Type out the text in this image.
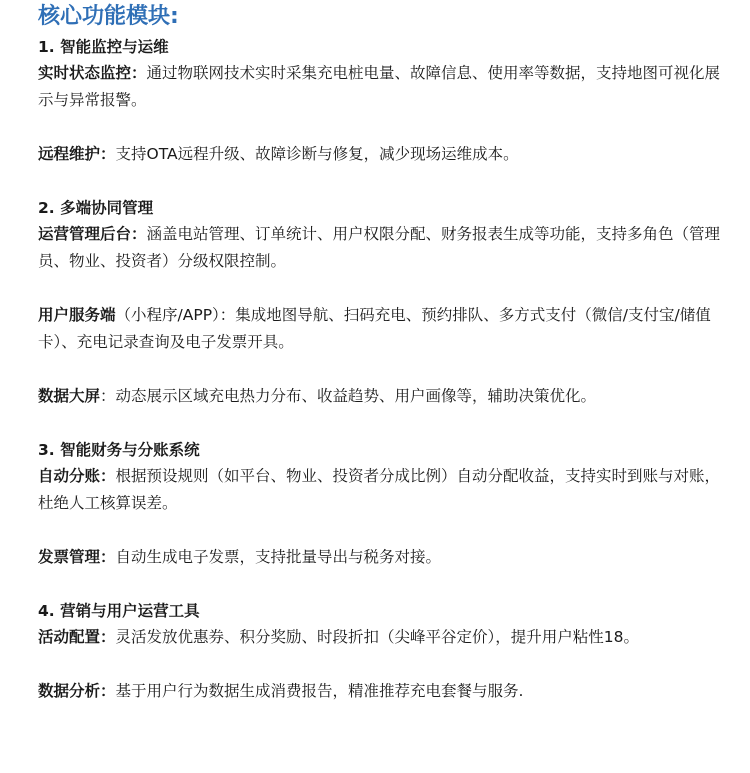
核心功能模块:
1. 智能监控与运维

实时状态监控：通过物联网技术实时采集充电桩电量、故障信息、使用率等数据，支持地图可视化展示与异常报警。

远程维护：支持OTA远程升级、故障诊断与修复，减少现场运维成本。

2. 多端协同管理

运营管理后台：涵盖电站管理、订单统计、用户权限分配、财务报表生成等功能，支持多角色（管理员、物业、投资者）分级权限控制。

用户服务端（小程序/APP）：集成地图导航、扫码充电、预约排队、多方式支付（微信/支付宝/储值卡）、充电记录查询及电子发票开具。

数据大屏：动态展示区域充电热力分布、收益趋势、用户画像等，辅助决策优化。

3. 智能财务与分账系统

自动分账：根据预设规则（如平台、物业、投资者分成比例）自动分配收益，支持实时到账与对账，杜绝人工核算误差。

发票管理：自动生成电子发票，支持批量导出与税务对接。

4. 营销与用户运营工具

活动配置：灵活发放优惠券、积分奖励、时段折扣（尖峰平谷定价），提升用户粘性18。

数据分析：基于用户行为数据生成消费报告，精准推荐充电套餐与服务.
